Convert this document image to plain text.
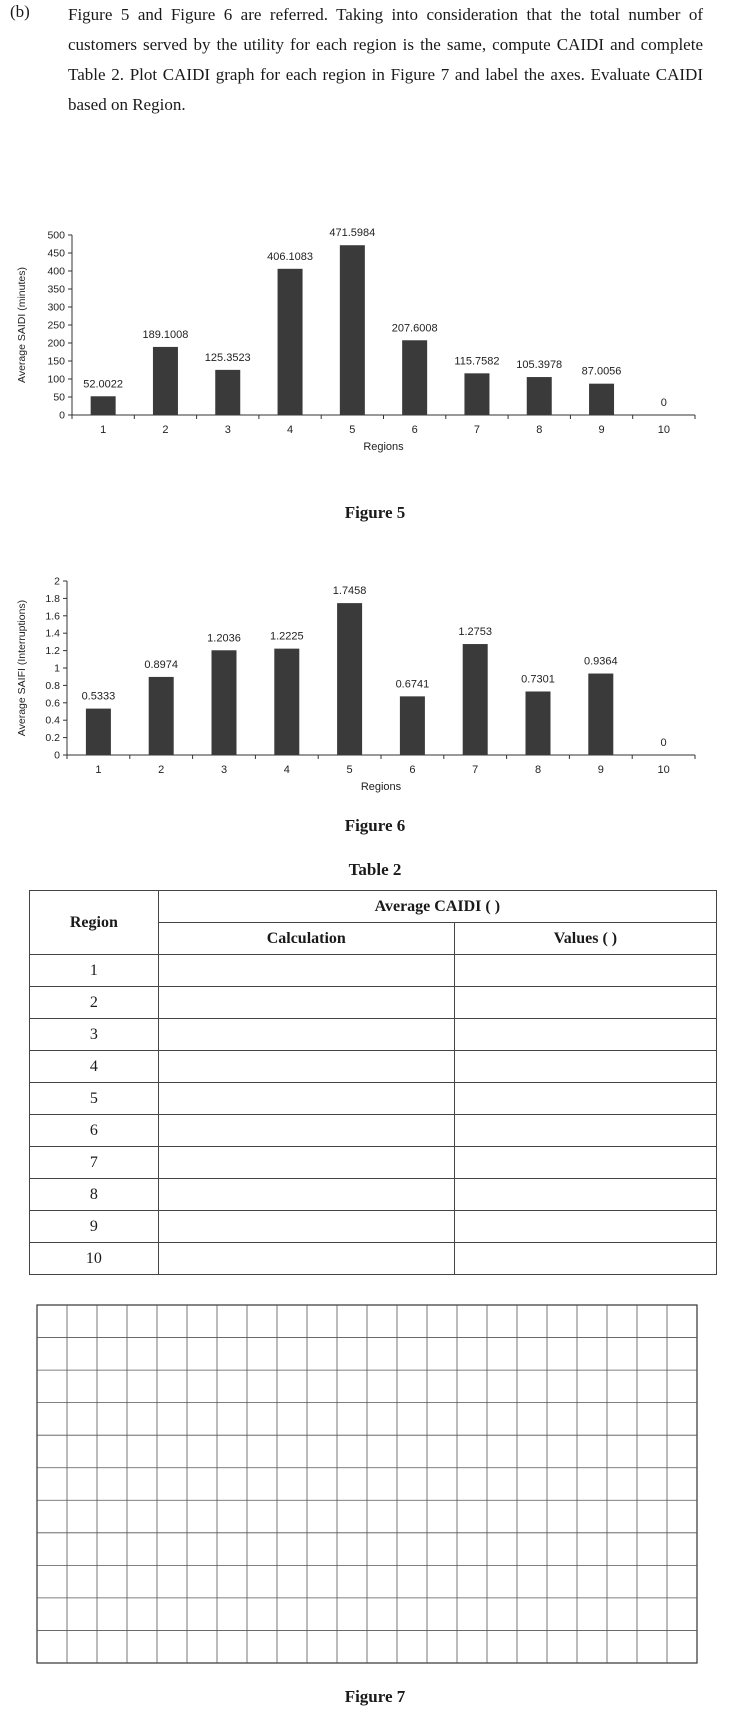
(b) Figure 5 and Figure 6 are referred. Taking into consideration that the total number of customers served by the utility for each region is the same, compute CAIDI and complete Table 2. Plot CAIDI graph for each region in Figure 7 and label the axes. Evaluate CAIDI based on Region.
0
50
100
150
200
250
300
350
400
450
500
52.0022
1
189.1008
2
125.3523
3
406.1083
4
471.5984
5
207.6008
6
115.7582
7
105.3978
8
87.0056
9
0
10
Regions
Average SAIDI (minutes)
Figure 5
0
0.2
0.4
0.6
0.8
1
1.2
1.4
1.6
1.8
2
0.5333
1
0.8974
2
1.2036
3
1.2225
4
1.7458
5
0.6741
6
1.2753
7
0.7301
8
0.9364
9
0
10
Regions
Average SAIFI (Interruptions)
Figure 6
Table 2
Region	Average CAIDI ( )	
	Calculation	Values ( )
1		
2		
3		
4		
5		
6		
7		
8		
9		
10		
Figure 7
